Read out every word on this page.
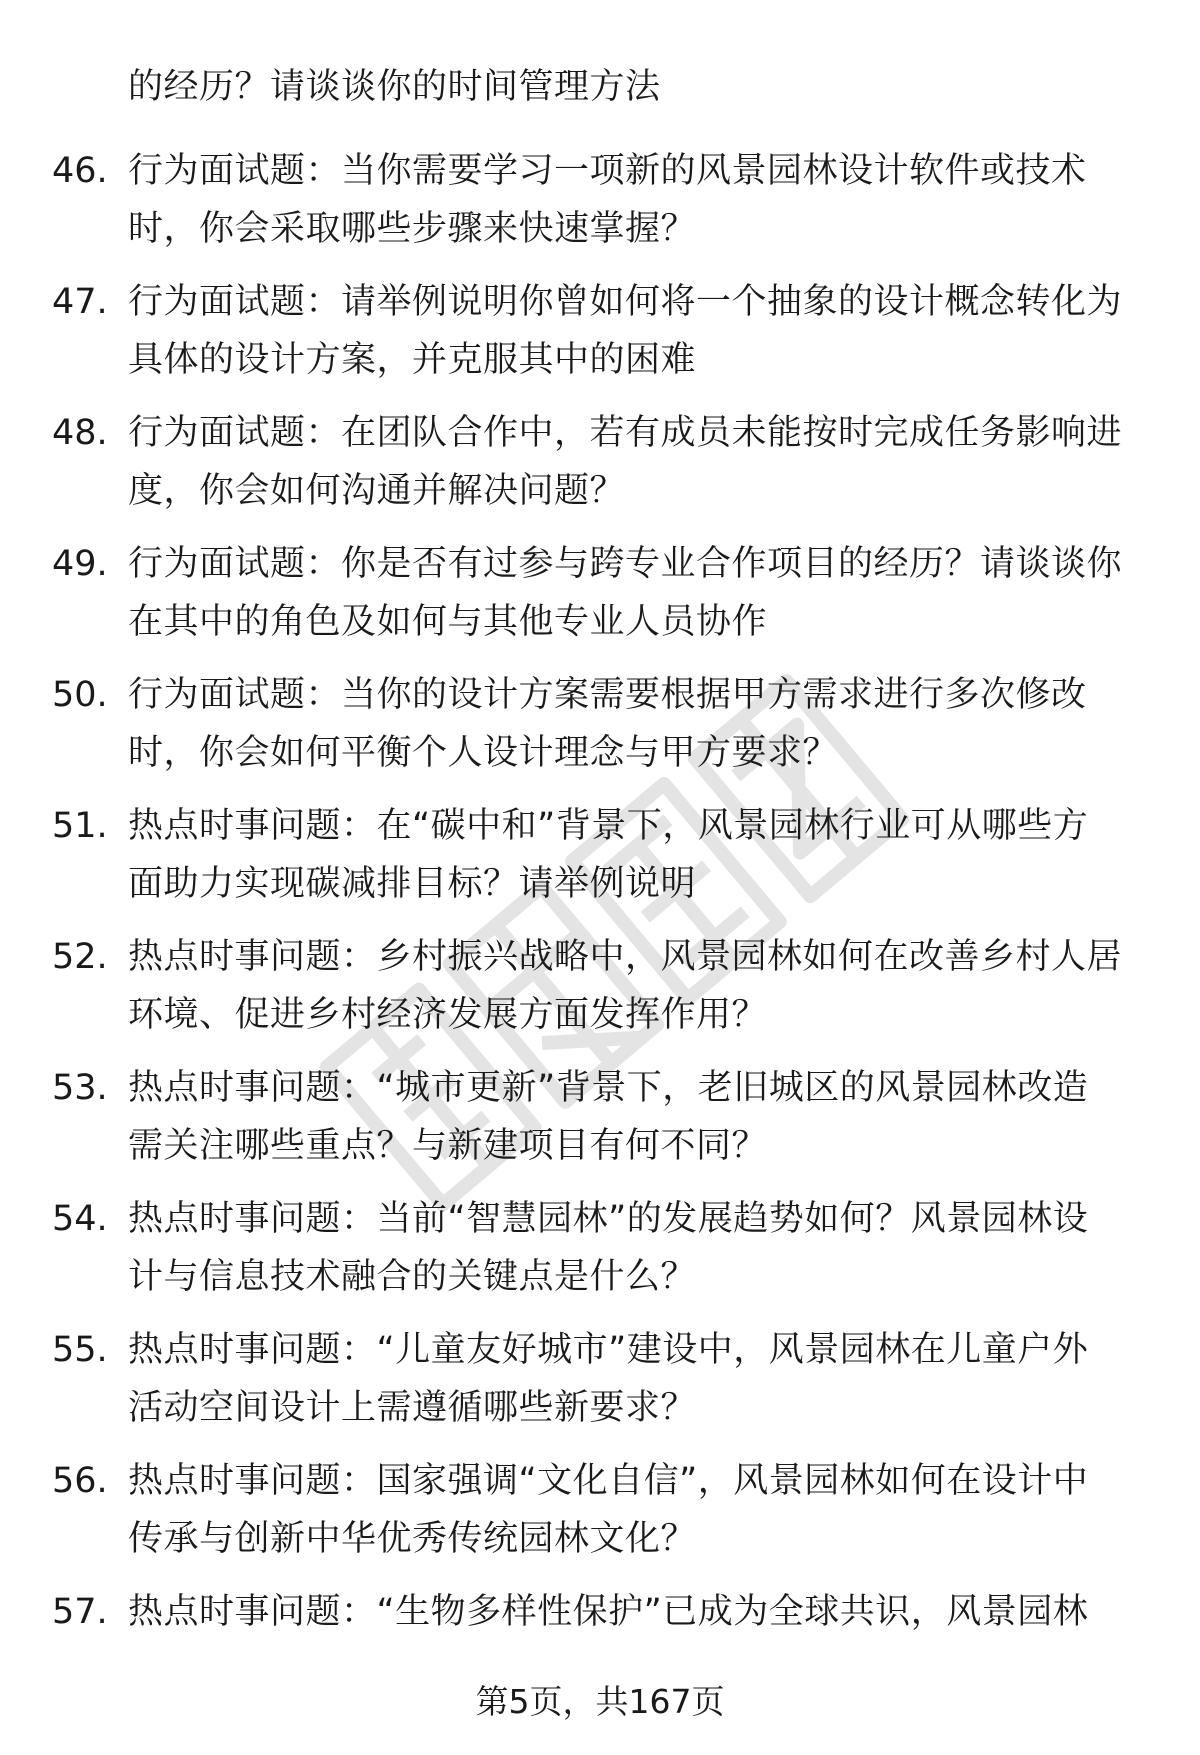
的经历？请谈谈你的时间管理方法
46. 行为面试题：当你需要学习一项新的风景园林设计软件或技术
时，你会采取哪些步骤来快速掌握？
47. 行为面试题：请举例说明你曾如何将一个抽象的设计概念转化为
具体的设计方案，并克服其中的困难
48. 行为面试题：在团队合作中，若有成员未能按时完成任务影响进
度，你会如何沟通并解决问题？
49. 行为面试题：你是否有过参与跨专业合作项目的经历？请谈谈你
在其中的角色及如何与其他专业人员协作
50. 行为面试题：当你的设计方案需要根据甲方需求进行多次修改
时，你会如何平衡个人设计理念与甲方要求？
51. 热点时事问题：在“碳中和”背景下，风景园林行业可从哪些方
面助力实现碳减排目标？请举例说明
52. 热点时事问题：乡村振兴战略中，风景园林如何在改善乡村人居
环境、促进乡村经济发展方面发挥作用？
53. 热点时事问题：“城市更新”背景下，老旧城区的风景园林改造
需关注哪些重点？与新建项目有何不同？
54. 热点时事问题：当前“智慧园林”的发展趋势如何？风景园林设
计与信息技术融合的关键点是什么？
55. 热点时事问题：“儿童友好城市”建设中，风景园林在儿童户外
活动空间设计上需遵循哪些新要求？
56. 热点时事问题：国家强调“文化自信”，风景园林如何在设计中
传承与创新中华优秀传统园林文化？
57. 热点时事问题：“生物多样性保护”已成为全球共识，风景园林
第5页，共167页
